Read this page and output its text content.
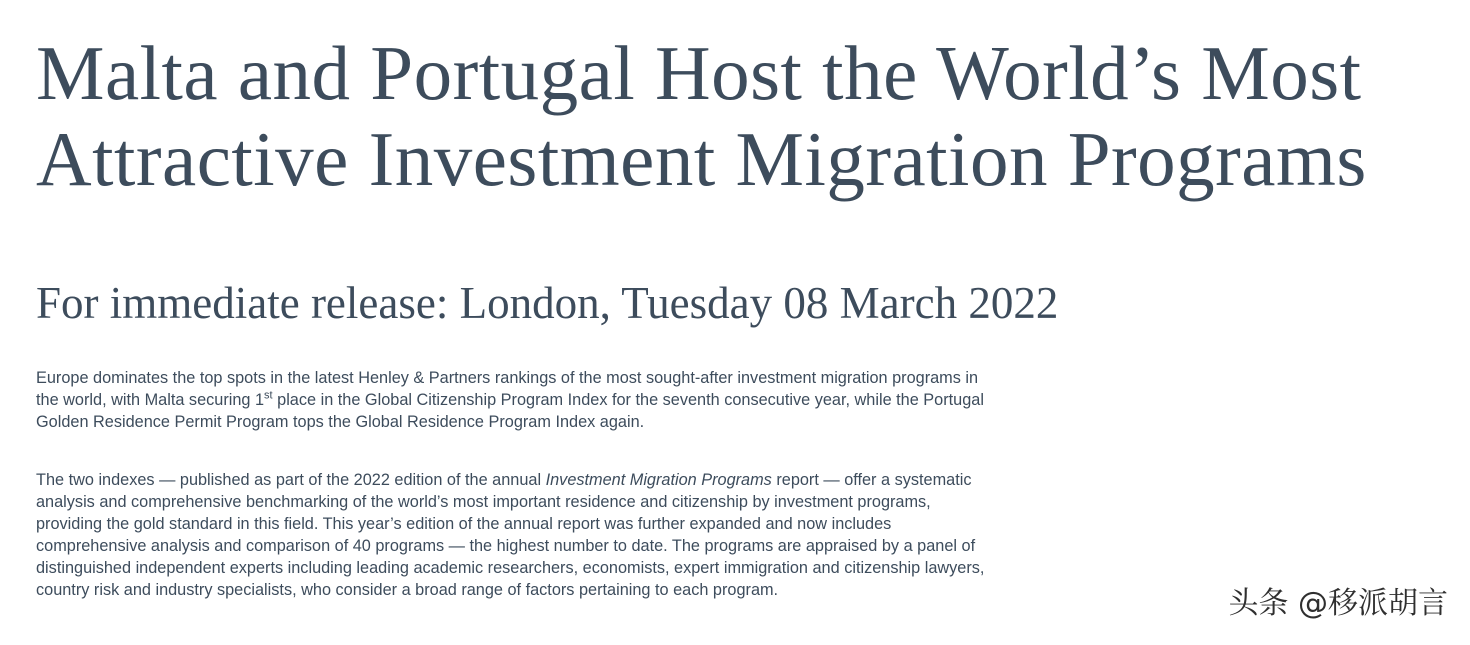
Malta and Portugal Host the World’s Most Attractive Investment Migration Programs
For immediate release: London, Tuesday 08 March 2022

Europe dominates the top spots in the latest Henley & Partners rankings of the most sought-after investment migration programs in the world, with Malta securing 1st place in the Global Citizenship Program Index for the seventh consecutive year, while the Portugal Golden Residence Permit Program tops the Global Residence Program Index again.

The two indexes — published as part of the 2022 edition of the annual Investment Migration Programs report — offer a systematic analysis and comprehensive benchmarking of the world’s most important residence and citizenship by investment programs, providing the gold standard in this field. This year’s edition of the annual report was further expanded and now includes comprehensive analysis and comparison of 40 programs — the highest number to date. The programs are appraised by a panel of distinguished independent experts including leading academic researchers, economists, expert immigration and citizenship lawyers, country risk and industry specialists, who consider a broad range of factors pertaining to each program.	头条 @移派胡言
